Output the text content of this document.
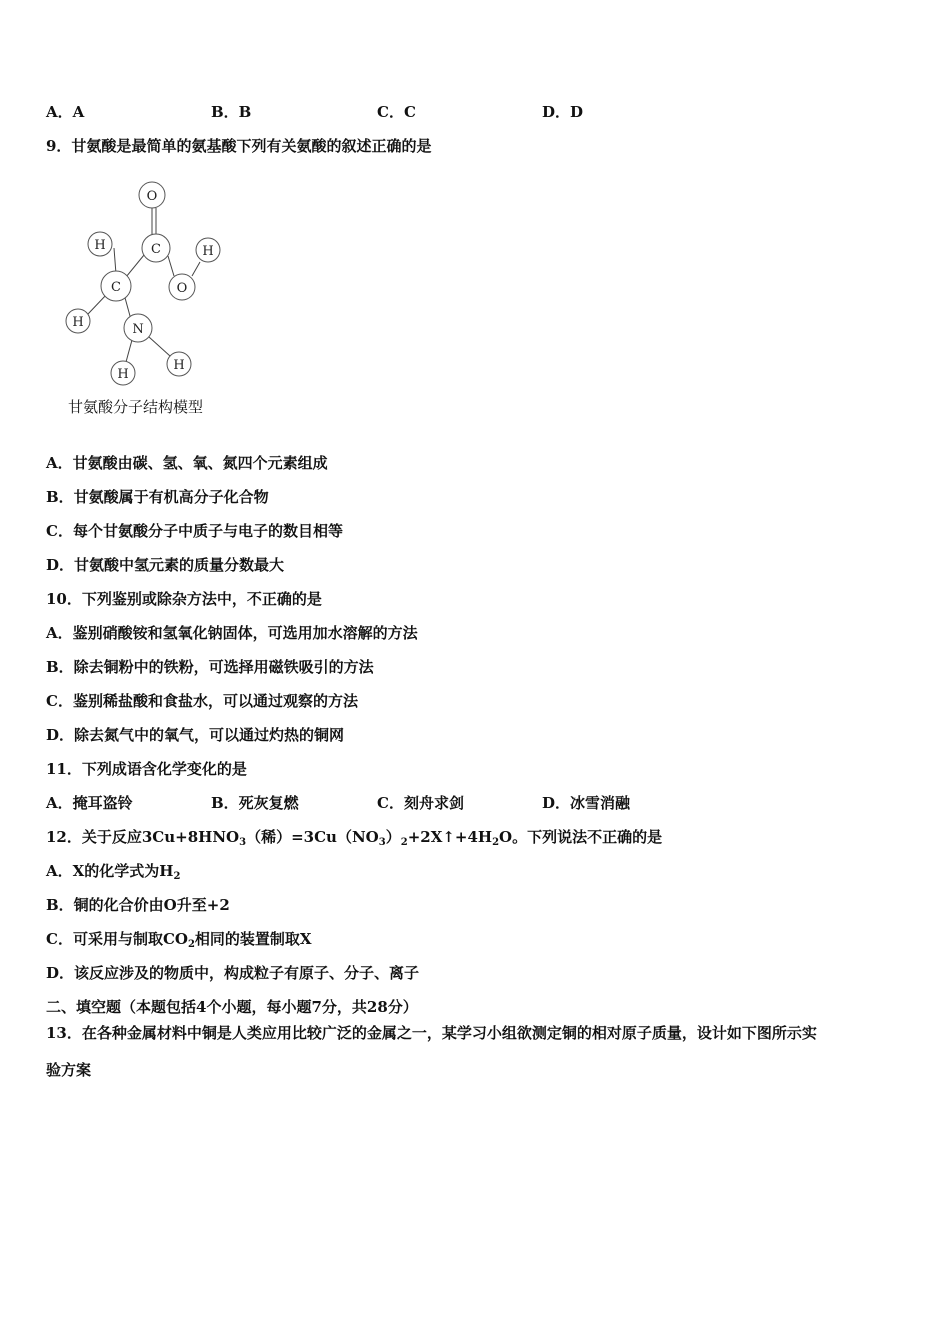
A．A	B．B	C．C	D．D
9．甘氨酸是最简单的氨基酸下列有关氨酸的叙述正确的是
O
C
H	H
C	O
N
H
H
H
甘氨酸分子结构模型
A．甘氨酸由碳、氢、氧、氮四个元素组成
B．甘氨酸属于有机高分子化合物
C．每个甘氨酸分子中质子与电子的数目相等
D．甘氨酸中氢元素的质量分数最大
10．下列鉴别或除杂方法中，不正确的是
A．鉴别硝酸铵和氢氧化钠固体，可选用加水溶解的方法
B．除去铜粉中的铁粉，可选择用磁铁吸引的方法
C．鉴别稀盐酸和食盐水，可以通过观察的方法
D．除去氮气中的氧气，可以通过灼热的铜网
11．下列成语含化学变化的是
A．掩耳盗铃	B．死灰复燃	C．刻舟求剑	D．冰雪消融
12．关于反应$3Cu+8HNO_3$（稀）$=3Cu(NO_3)_2+2X↑+4H_2O$。下列说法不正确的是
A．X的化学式为$H_2$
B．铜的化合价由O升至+2
C．可采用与制取$CO_2$相同的装置制取X
D．该反应涉及的物质中，构成粒子有原子、分子、离子
二、填空题（本题包括4个小题，每小题7分，共28分）
13．在各种金属材料中铜是人类应用比较广泛的金属之一，某学习小组欲测定铜的相对原子质量，设计如下图所示实
验方案
